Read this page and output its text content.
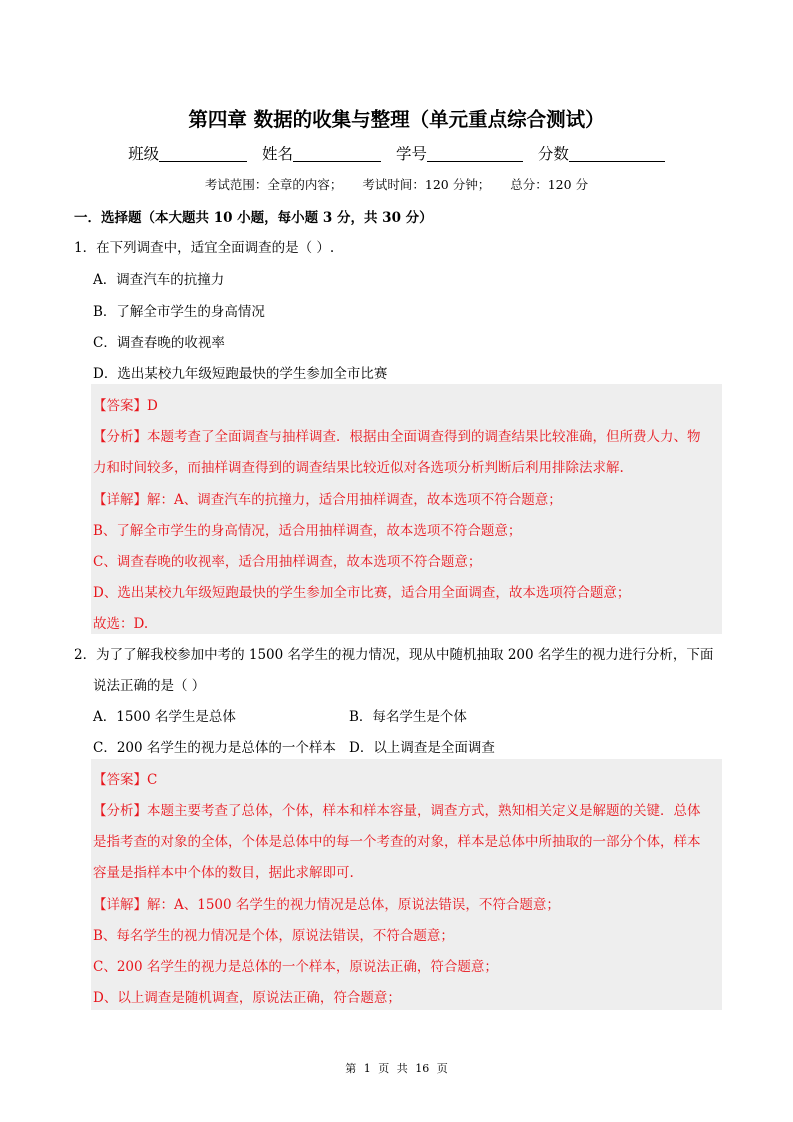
第四章 数据的收集与整理（单元重点综合测试）
班级	姓名	学号	分数
考试范围：全章的内容； 考试时间：120 分钟； 总分：120 分
一．选择题（本大题共 10 小题，每小题 3 分，共 30 分）
1．在下列调查中，适宜全面调查的是（ ）.
A．调查汽车的抗撞力
B．了解全市学生的身高情况
C．调查春晚的收视率
D．选出某校九年级短跑最快的学生参加全市比赛
【答案】D
【分析】本题考查了全面调查与抽样调查．根据由全面调查得到的调查结果比较准确，但所费人力、物
力和时间较多，而抽样调查得到的调查结果比较近似对各选项分析判断后利用排除法求解.
【详解】解：A、调查汽车的抗撞力，适合用抽样调查，故本选项不符合题意；
B、了解全市学生的身高情况，适合用抽样调查，故本选项不符合题意；
C、调查春晚的收视率，适合用抽样调查，故本选项不符合题意；
D、选出某校九年级短跑最快的学生参加全市比赛，适合用全面调查，故本选项符合题意；
故选：D.
2．为了了解我校参加中考的 1500 名学生的视力情况，现从中随机抽取 200 名学生的视力进行分析，下面
说法正确的是（ ）
A．1500 名学生是总体	B．每名学生是个体
C．200 名学生的视力是总体的一个样本 D．以上调查是全面调查
【答案】C
【分析】本题主要考查了总体，个体，样本和样本容量，调查方式，熟知相关定义是解题的关键．总体
是指考查的对象的全体，个体是总体中的每一个考查的对象，样本是总体中所抽取的一部分个体，样本
容量是指样本中个体的数目，据此求解即可.
【详解】解：A、1500 名学生的视力情况是总体，原说法错误，不符合题意；
B、每名学生的视力情况是个体，原说法错误，不符合题意；
C、200 名学生的视力是总体的一个样本，原说法正确，符合题意；
D、以上调查是随机调查，原说法正确，符合题意；
第 1 页 共 16 页
